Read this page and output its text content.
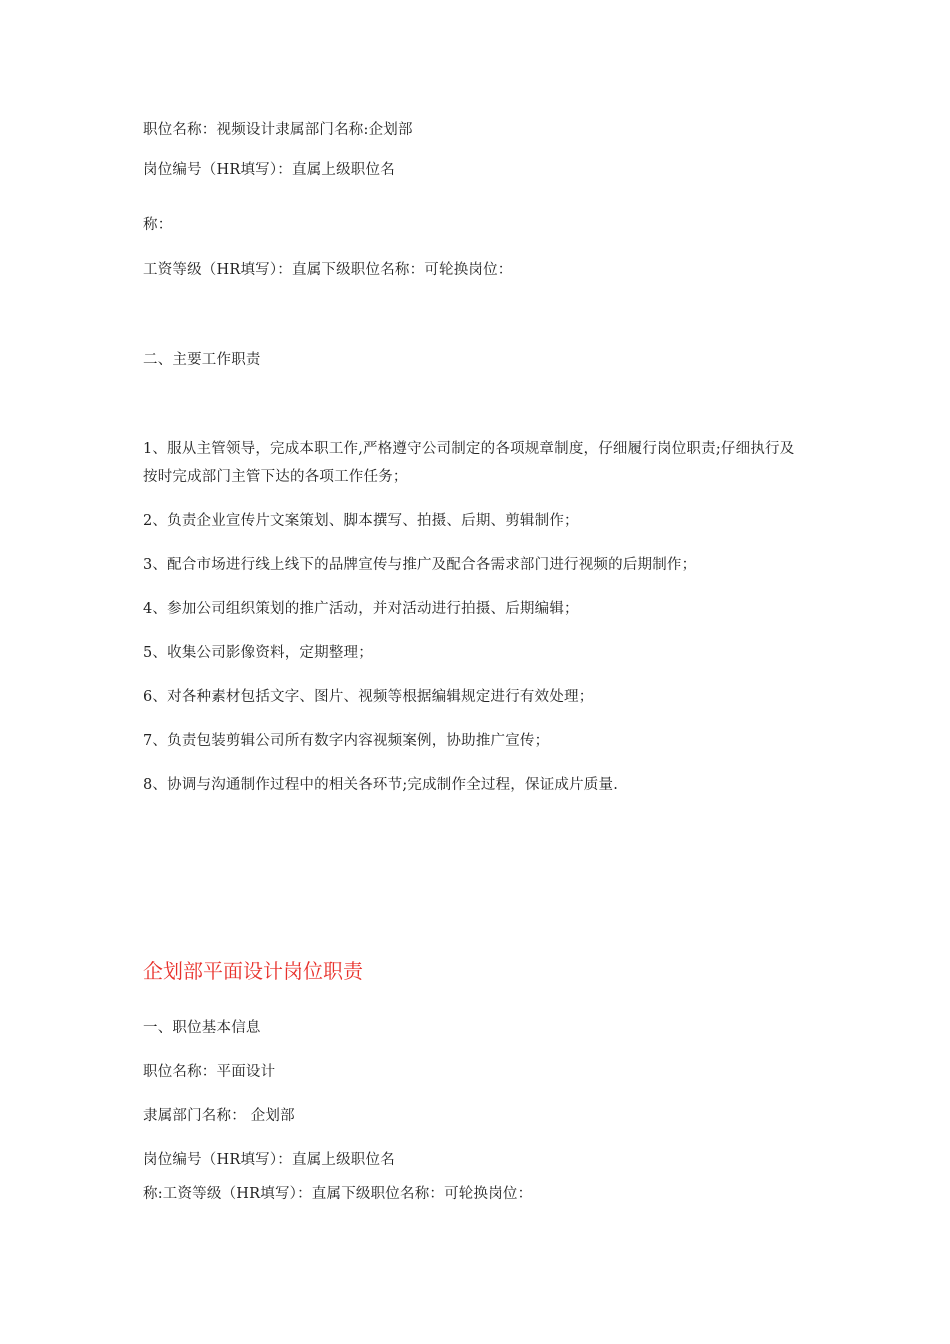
职位名称：视频设计隶属部门名称:企划部
岗位编号（HR填写）：直属上级职位名
称：
工资等级（HR填写）：直属下级职位名称：可轮换岗位：
二、主要工作职责
1、服从主管领导，完成本职工作,严格遵守公司制定的各项规章制度，仔细履行岗位职责;仔细执行及按时完成部门主管下达的各项工作任务；
2、负责企业宣传片文案策划、脚本撰写、拍摄、后期、剪辑制作；
3、配合市场进行线上线下的品牌宣传与推广及配合各需求部门进行视频的后期制作；
4、参加公司组织策划的推广活动，并对活动进行拍摄、后期编辑；
5、收集公司影像资料，定期整理；
6、对各种素材包括文字、图片、视频等根据编辑规定进行有效处理；
7、负责包装剪辑公司所有数字内容视频案例，协助推广宣传；
8、协调与沟通制作过程中的相关各环节;完成制作全过程，保证成片质量.
企划部平面设计岗位职责
一、职位基本信息
职位名称：平面设计
隶属部门名称： 企划部
岗位编号（HR填写）：直属上级职位名
称:工资等级（HR填写）：直属下级职位名称：可轮换岗位：
